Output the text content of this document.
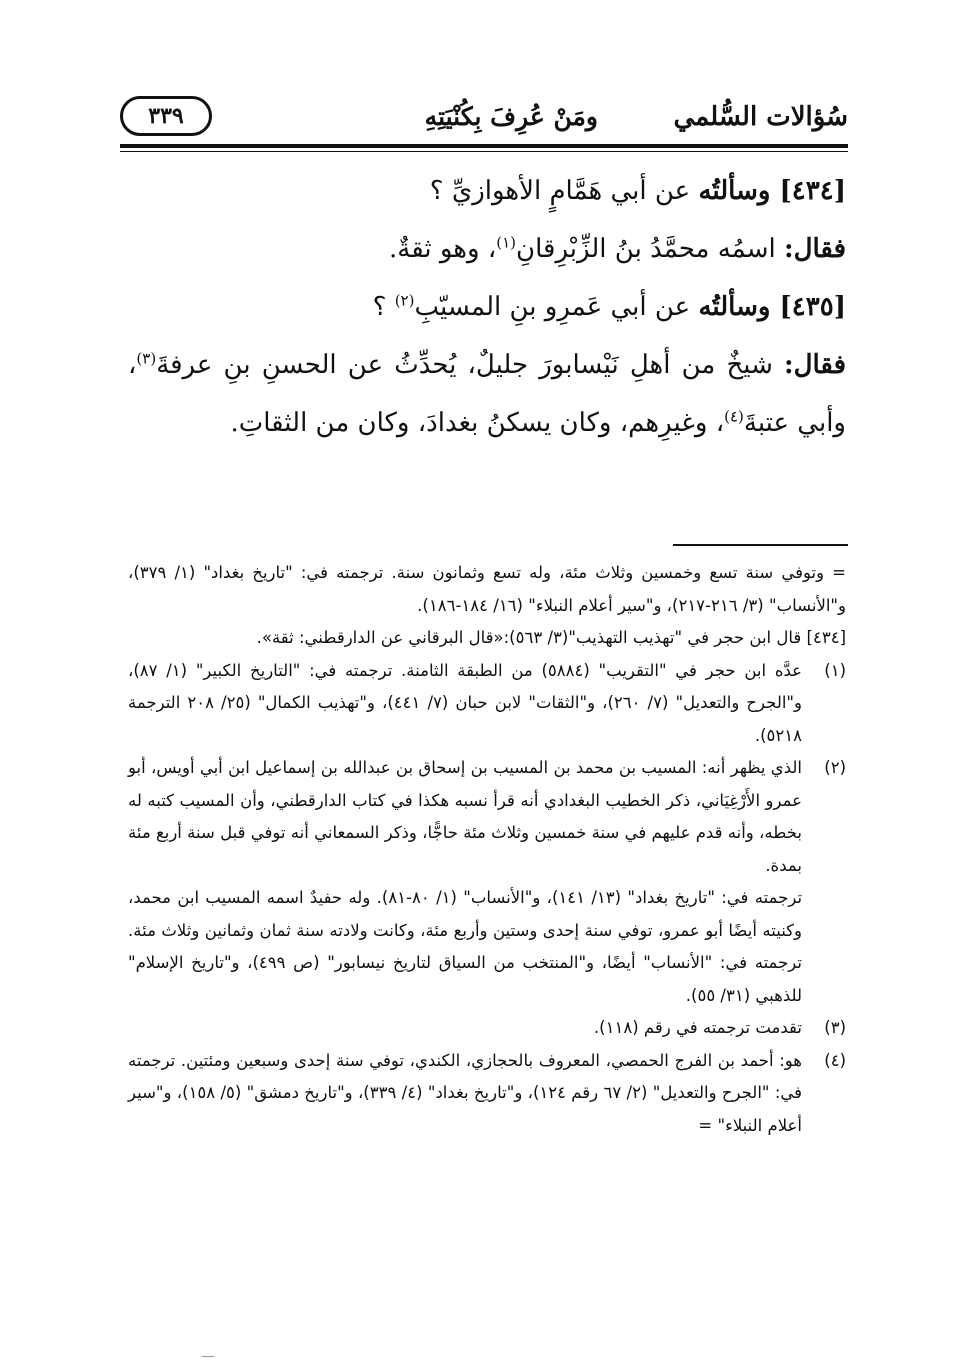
سُؤالات السُّلمي
ومَنْ عُرِفَ بِكُنْيَتِهِ
٣٣٩

[٤٣٤] وسألتُه عن أبي هَمَّامٍ الأهوازيِّ ؟

فقال: اسمُه محمَّدُ بنُ الزِّبْرِقانِ$^{(١)}$، وهو ثقةٌ.

[٤٣٥] وسألتُه عن أبي عَمرِو بنِ المسيّبِ$^{(٢)}$ ؟

فقال: شيخٌ من أهلِ نَيْسابورَ جليلٌ، يُحدِّثُ عن الحسنِ بنِ عرفةَ$^{(٣)}$، وأبي عتبةَ$^{(٤)}$، وغيرِهم، وكان يسكنُ بغدادَ، وكان من الثقاتِ.

= وتوفي سنة تسع وخمسين وثلاث مئة، وله تسع وثمانون سنة. ترجمته في: "تاريخ بغداد" (١/ ٣٧٩)، و"الأنساب" (٣/ ٢١٦-٢١٧)، و"سير أعلام النبلاء" (١٦/ ١٨٤-١٨٦).

[٤٣٤] قال ابن حجر في "تهذيب التهذيب"(٣/ ٥٦٣):«قال البرقاني عن الدارقطني: ثقة».

(١)

عدَّه ابن حجر في "التقريب" (٥٨٨٤) من الطبقة الثامنة. ترجمته في: "التاريخ الكبير" (١/ ٨٧)، و"الجرح والتعديل" (٧/ ٢٦٠)، و"الثقات" لابن حبان (٧/ ٤٤١)، و"تهذيب الكمال" (٢٥/ ٢٠٨ الترجمة ٥٢١٨).

(٢)

الذي يظهر أنه: المسيب بن محمد بن المسيب بن إسحاق بن عبدالله بن إسماعيل ابن أبي أويس، أبو عمرو الأَرْغِيَاني، ذكر الخطيب البغدادي أنه قرأ نسبه هكذا في كتاب الدارقطني، وأن المسيب كتبه له بخطه، وأنه قدم عليهم في سنة خمسين وثلاث مئة حاجًّا، وذكر السمعاني أنه توفي قبل سنة أربع مئة بمدة.

ترجمته في: "تاريخ بغداد" (١٣/ ١٤١)، و"الأنساب" (١/ ٨٠-٨١). وله حفيدٌ اسمه المسيب ابن محمد، وكنيته أيضًا أبو عمرو، توفي سنة إحدى وستين وأربع مئة، وكانت ولادته سنة ثمان وثمانين وثلاث مئة. ترجمته في: "الأنساب" أيضًا، و"المنتخب من السياق لتاريخ نيسابور" (ص ٤٩٩)، و"تاريخ الإسلام" للذهبي (٣١/ ٥٥).

(٣)

تقدمت ترجمته في رقم (١١٨).

(٤)

هو: أحمد بن الفرج الحمصي، المعروف بالحجازي، الكندي، توفي سنة إحدى وسبعين ومئتين. ترجمته في: "الجرح والتعديل" (٢/ ٦٧ رقم ١٢٤)، و"تاريخ بغداد" (٤/ ٣٣٩)، و"تاريخ دمشق" (٥/ ١٥٨)، و"سير أعلام النبلاء" =
